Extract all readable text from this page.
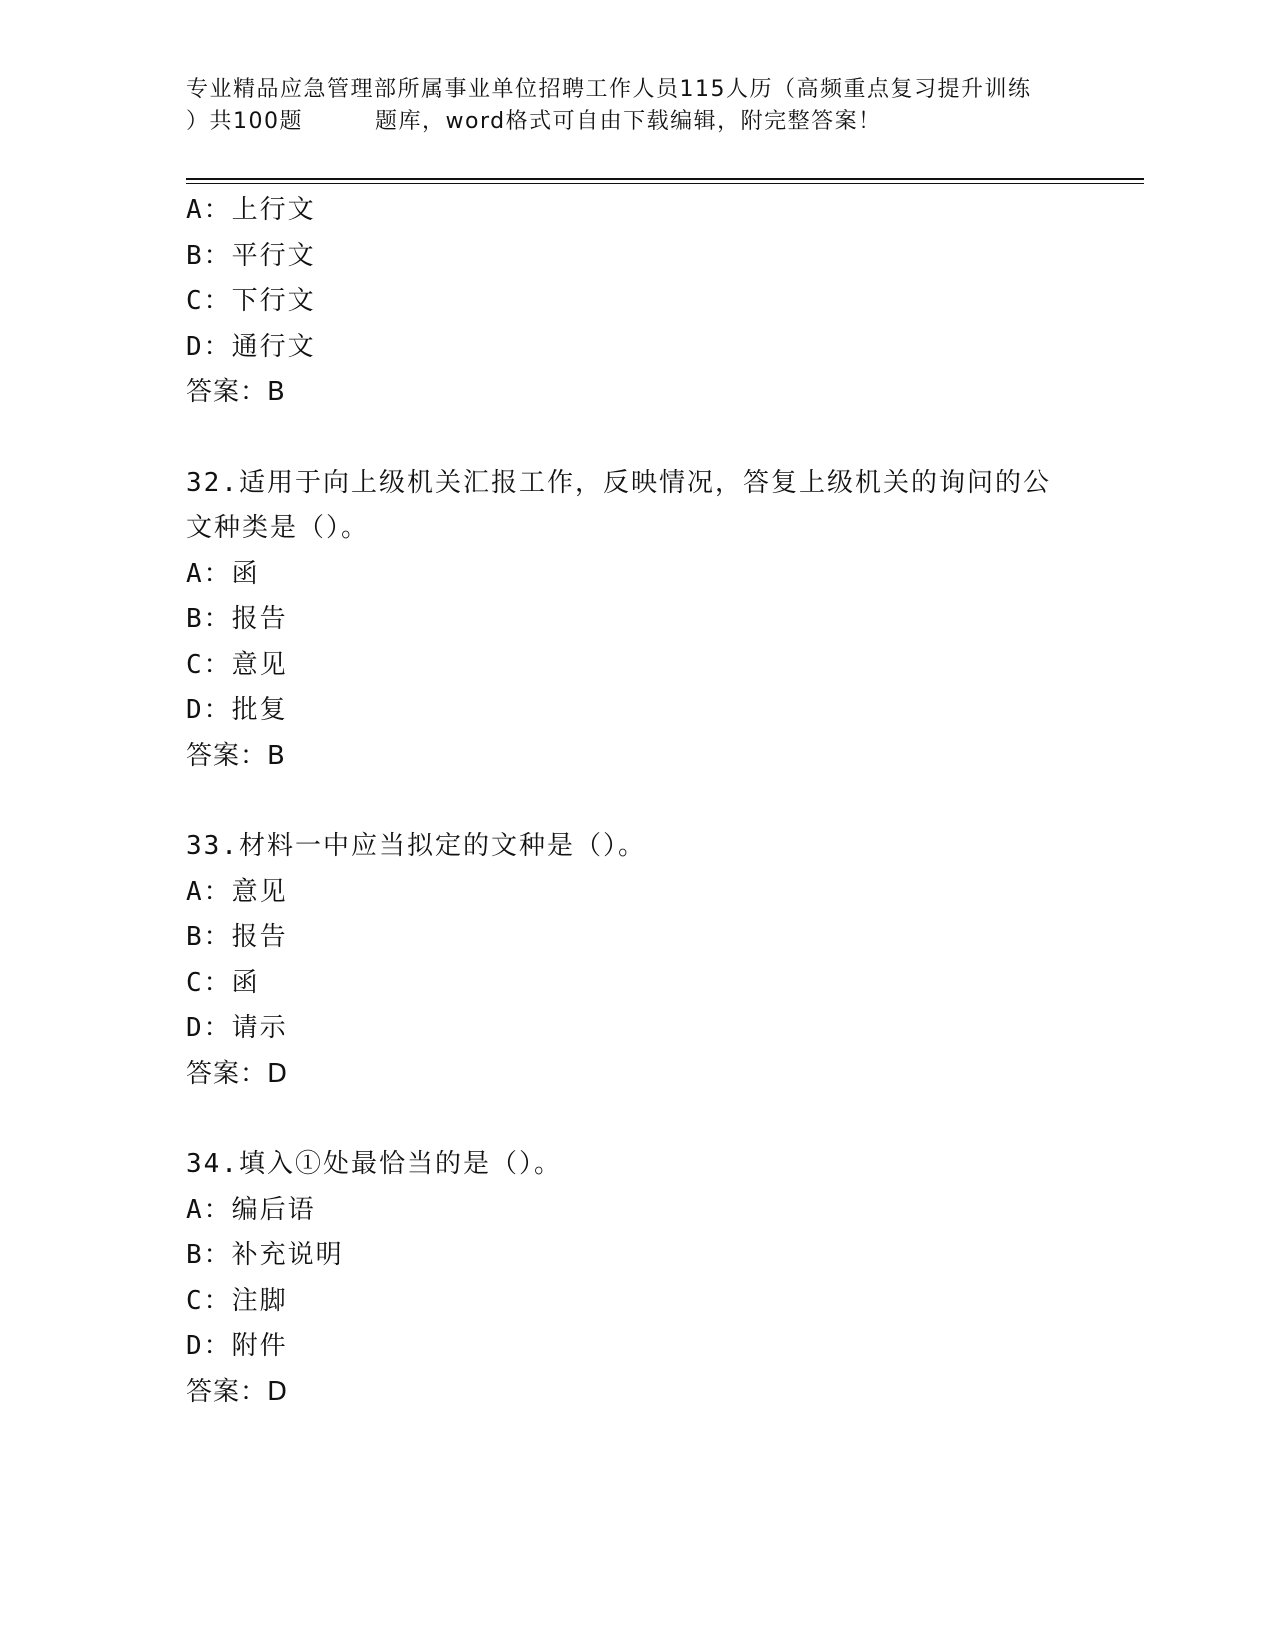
专业精品应急管理部所属事业单位招聘工作人员115人历（高频重点复习提升训练
）共100题	题库，word格式可自由下载编辑，附完整答案！
A：上行文
B：平行文
C：下行文
D：通行文
答案：B
32.适用于向上级机关汇报工作，反映情况，答复上级机关的询问的公
文种类是（）。
A：函
B：报告
C：意见
D：批复
答案：B
33.材料一中应当拟定的文种是（）。
A：意见
B：报告
C：函
D：请示
答案：D
34.填入①处最恰当的是（）。
A：编后语
B：补充说明
C：注脚
D：附件
答案：D
